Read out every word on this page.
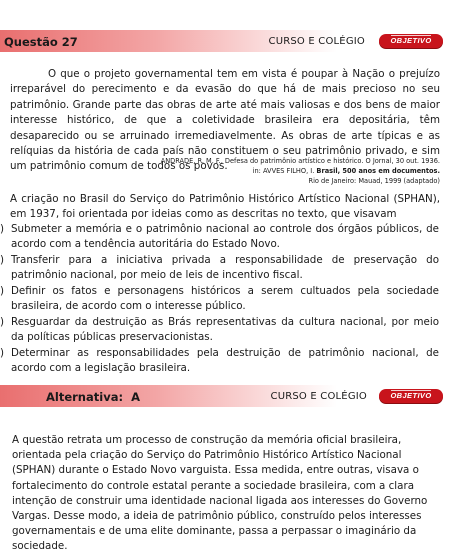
Questão 27	CURSO E COLÉGIO	OBJETIVO
O que o projeto governamental tem em vista é poupar à Nação o prejuízo irreparável do perecimento e da evasão do que há de mais precioso no seu patrimônio. Grande parte das obras de arte até mais valiosas e dos bens de maior interesse histórico, de que a coletividade brasileira era depositária, têm desaparecido ou se arruinado irremediavelmente. As obras de arte típicas e as relíquias da história de cada país não constituem o seu patrimônio privado, e sim um patrimônio comum de todos os povos.
ANDRADE, R. M. F., Defesa do patrimônio artístico e histórico. O Jornal, 30 out. 1936.
in: AVVES FILHO, I. Brasil, 500 anos em documentos.
Rio de Janeiro: Mauad, 1999 (adaptado)
A criação no Brasil do Serviço do Patrimônio Histórico Artístico Nacional (SPHAN), em 1937, foi orientada por ideias como as descritas no texto, que visavam
) Submeter a memória e o patrimônio nacional ao controle dos órgãos públicos, de acordo com a tendência autoritária do Estado Novo.
) Transferir para a iniciativa privada a responsabilidade de preservação do patrimônio nacional, por meio de leis de incentivo fiscal.
) Definir os fatos e personagens históricos a serem cultuados pela sociedade brasileira, de acordo com o interesse público.
) Resguardar da destruição as Brás representativas da cultura nacional, por meio da políticas públicas preservacionistas.
) Determinar as responsabilidades pela destruição de patrimônio nacional, de acordo com a legislação brasileira.
Alternativa: A	CURSO E COLÉGIO	OBJETIVO
A questão retrata um processo de construção da memória oficial brasileira, orientada pela criação do Serviço do Patrimônio Histórico Artístico Nacional (SPHAN) durante o Estado Novo varguista. Essa medida, entre outras, visava o fortalecimento do controle estatal perante a sociedade brasileira, com a clara intenção de construir uma identidade nacional ligada aos interesses do Governo Vargas. Desse modo, a ideia de patrimônio público, construído pelos interesses governamentais e de uma elite dominante, passa a perpassar o imaginário da sociedade.
